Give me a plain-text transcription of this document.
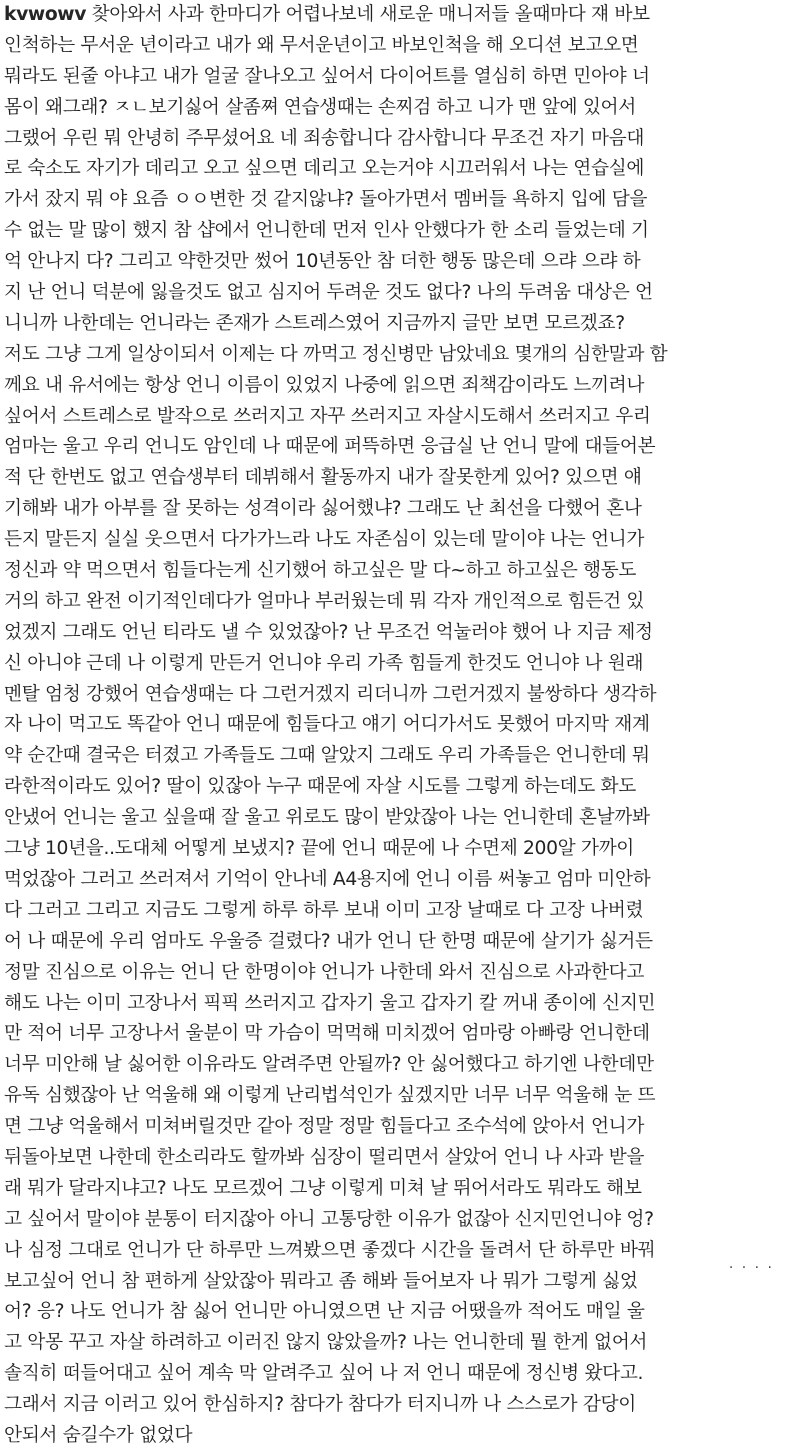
kvwowv 찾아와서 사과 한마디가 어렵나보네 새로운 매니저들 올때마다 쟤 바보
인척하는 무서운 년이라고 내가 왜 무서운년이고 바보인척을 해 오디션 보고오면
뭐라도 된줄 아냐고 내가 얼굴 잘나오고 싶어서 다이어트를 열심히 하면 민아야 너
몸이 왜그래? ㅈㄴ보기싫어 살좀쪄 연습생때는 손찌검 하고 니가 맨 앞에 있어서
그랬어 우린 뭐 안녕히 주무셨어요 네 죄송합니다 감사합니다 무조건 자기 마음대
로 숙소도 자기가 데리고 오고 싶으면 데리고 오는거야 시끄러워서 나는 연습실에
가서 잤지 뭐 야 요즘 ㅇㅇ변한 것 같지않냐? 돌아가면서 멤버들 욕하지 입에 담을
수 없는 말 많이 했지 참 샵에서 언니한데 먼저 인사 안했다가 한 소리 들었는데 기
억 안나지 다? 그리고 약한것만 썼어 10년동안 참 더한 행동 많은데 으랴 으랴 하
지 난 언니 덕분에 잃을것도 없고 심지어 두려운 것도 없다? 나의 두려움 대상은 언
니니까 나한데는 언니라는 존재가 스트레스였어 지금까지 글만 보면 모르겠죠?
저도 그냥 그게 일상이되서 이제는 다 까먹고 정신병만 남았네요 몇개의 심한말과 함
께요 내 유서에는 항상 언니 이름이 있었지 나중에 읽으면 죄책감이라도 느끼려나
싶어서 스트레스로 발작으로 쓰러지고 자꾸 쓰러지고 자살시도해서 쓰러지고 우리
엄마는 울고 우리 언니도 암인데 나 때문에 퍼뜩하면 응급실 난 언니 말에 대들어본
적 단 한번도 없고 연습생부터 데뷔해서 활동까지 내가 잘못한게 있어? 있으면 얘
기해봐 내가 아부를 잘 못하는 성격이라 싫어했냐? 그래도 난 최선을 다했어 혼나
든지 말든지 실실 웃으면서 다가가느라 나도 자존심이 있는데 말이야 나는 언니가
정신과 약 먹으면서 힘들다는게 신기했어 하고싶은 말 다~하고 하고싶은 행동도
거의 하고 완전 이기적인데다가 얼마나 부러웠는데 뭐 각자 개인적으로 힘든건 있
었겠지 그래도 언닌 티라도 낼 수 있었잖아? 난 무조건 억눌러야 했어 나 지금 제정
신 아니야 근데 나 이렇게 만든거 언니야 우리 가족 힘들게 한것도 언니야 나 원래
멘탈 엄청 강했어 연습생때는 다 그런거겠지 리더니까 그런거겠지 불쌍하다 생각하
자 나이 먹고도 똑같아 언니 때문에 힘들다고 얘기 어디가서도 못했어 마지막 재계
약 순간때 결국은 터졌고 가족들도 그때 알았지 그래도 우리 가족들은 언니한데 뭐
라한적이라도 있어? 딸이 있잖아 누구 때문에 자살 시도를 그렇게 하는데도 화도
안냈어 언니는 울고 싶을때 잘 울고 위로도 많이 받았잖아 나는 언니한데 혼날까봐
그냥 10년을..도대체 어떻게 보냈지? 끝에 언니 때문에 나 수면제 200알 가까이
먹었잖아 그러고 쓰러져서 기억이 안나네 A4용지에 언니 이름 써놓고 엄마 미안하
다 그러고 그리고 지금도 그렇게 하루 하루 보내 이미 고장 날때로 다 고장 나버렸
어 나 때문에 우리 엄마도 우울증 걸렸다? 내가 언니 단 한명 때문에 살기가 싫거든
정말 진심으로 이유는 언니 단 한명이야 언니가 나한데 와서 진심으로 사과한다고
해도 나는 이미 고장나서 픽픽 쓰러지고 갑자기 울고 갑자기 칼 꺼내 종이에 신지민
만 적어 너무 고장나서 울분이 막 가슴이 먹먹해 미치겠어 엄마랑 아빠랑 언니한데
너무 미안해 날 싫어한 이유라도 알려주면 안될까? 안 싫어했다고 하기엔 나한데만
유독 심했잖아 난 억울해 왜 이렇게 난리법석인가 싶겠지만 너무 너무 억울해 눈 뜨
면 그냥 억울해서 미쳐버릴것만 같아 정말 정말 힘들다고 조수석에 앉아서 언니가
뒤돌아보면 나한데 한소리라도 할까봐 심장이 떨리면서 살았어 언니 나 사과 받을
래 뭐가 달라지냐고? 나도 모르겠어 그냥 이렇게 미쳐 날 뛰어서라도 뭐라도 해보
고 싶어서 말이야 분통이 터지잖아 아니 고통당한 이유가 없잖아 신지민언니야 엉?
나 심정 그대로 언니가 단 하루만 느껴봤으면 좋겠다 시간을 돌려서 단 하루만 바꿔
보고싶어 언니 참 편하게 살았잖아 뭐라고 좀 해봐 들어보자 나 뭐가 그렇게 싫었
어? 응? 나도 언니가 참 싫어 언니만 아니였으면 난 지금 어땠을까 적어도 매일 울
고 악몽 꾸고 자살 하려하고 이러진 않지 않았을까? 나는 언니한데 뭘 한게 없어서
솔직히 떠들어대고 싶어 계속 막 알려주고 싶어 나 저 언니 때문에 정신병 왔다고.
그래서 지금 이러고 있어 한심하지? 참다가 참다가 터지니까 나 스스로가 감당이
안되서 숨길수가 없었다
· · · ·
